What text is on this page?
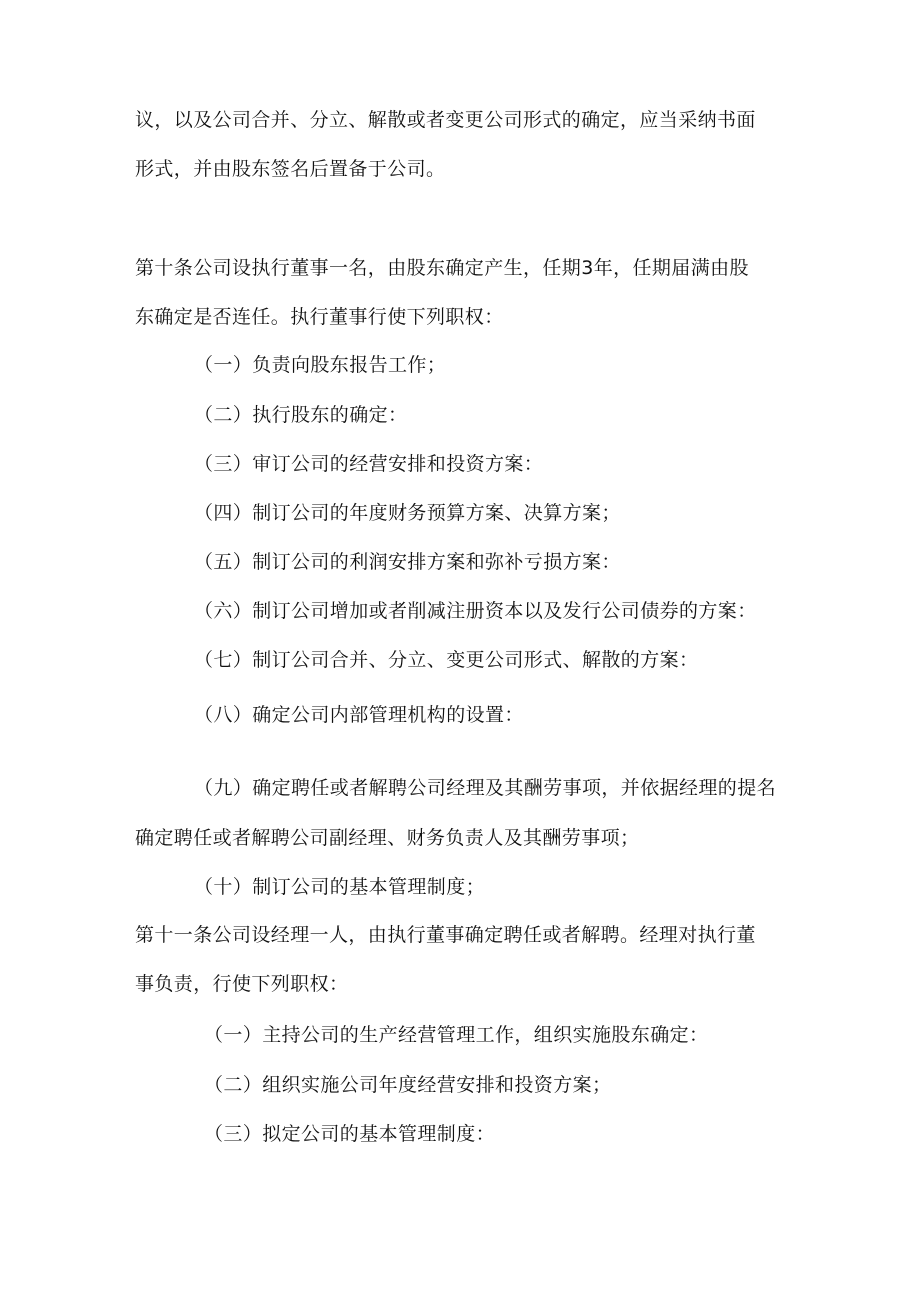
议，以及公司合并、分立、解散或者变更公司形式的确定，应当采纳书面
形式，并由股东签名后置备于公司。
第十条公司设执行董事一名，由股东确定产生，任期3年，任期届满由股
东确定是否连任。执行董事行使下列职权：
（一）负责向股东报告工作；
（二）执行股东的确定：
（三）审订公司的经营安排和投资方案：
（四）制订公司的年度财务预算方案、决算方案；
（五）制订公司的利润安排方案和弥补亏损方案：
（六）制订公司增加或者削减注册资本以及发行公司债券的方案：
（七）制订公司合并、分立、变更公司形式、解散的方案：
（八）确定公司内部管理机构的设置：
（九）确定聘任或者解聘公司经理及其酬劳事项，并依据经理的提名
确定聘任或者解聘公司副经理、财务负责人及其酬劳事项；
（十）制订公司的基本管理制度；
第十一条公司设经理一人，由执行董事确定聘任或者解聘。经理对执行董
事负责，行使下列职权：
（一）主持公司的生产经营管理工作，组织实施股东确定：
（二）组织实施公司年度经营安排和投资方案；
（三）拟定公司的基本管理制度：
